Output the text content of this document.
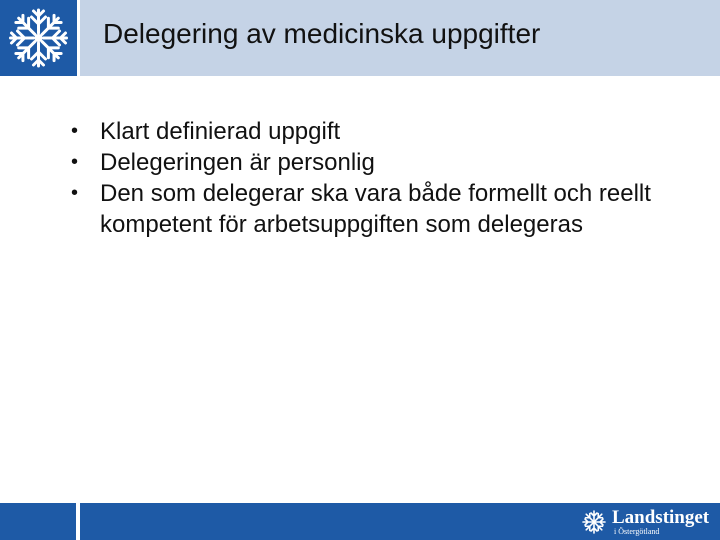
Delegering av medicinska uppgifter
• Klart definierad uppgift
• Delegeringen är personlig
• Den som delegerar ska vara både formellt och reellt kompetent för arbetsuppgiften som delegeras
Landstinget
i Östergötland
